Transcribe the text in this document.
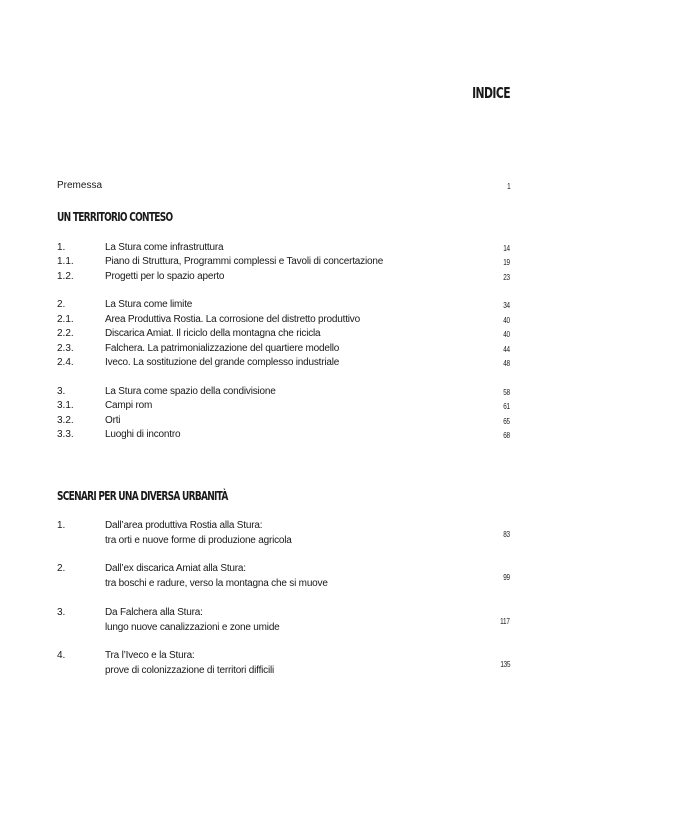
INDICE
Premessa	1
UN TERRITORIO CONTESO
1.	La Stura come infrastruttura	14
1.1.	Piano di Struttura, Programmi complessi e Tavoli di concertazione	19
1.2.	Progetti per lo spazio aperto	23
2.	La Stura come limite	34
2.1.	Area Produttiva Rostia. La corrosione del distretto produttivo	40
2.2.	Discarica Amiat. Il riciclo della montagna che ricicla	40
2.3.	Falchera. La patrimonializzazione del quartiere modello	44
2.4.	Iveco. La sostituzione del grande complesso industriale	48
3.	La Stura come spazio della condivisione	58
3.1.	Campi rom	61
3.2.	Orti	65
3.3.	Luoghi di incontro	68
SCENARI PER UNA DIVERSA URBANITÀ
1.	Dall’area produttiva Rostia alla Stura:
tra orti e nuove forme di produzione agricola
83
2.	Dall’ex discarica Amiat alla Stura:
tra boschi e radure, verso la montagna che si muove
99
3.	Da Falchera alla Stura:
lungo nuove canalizzazioni e zone umide
117
4.	Tra l’Iveco e la Stura:
prove di colonizzazione di territori difficili
135
